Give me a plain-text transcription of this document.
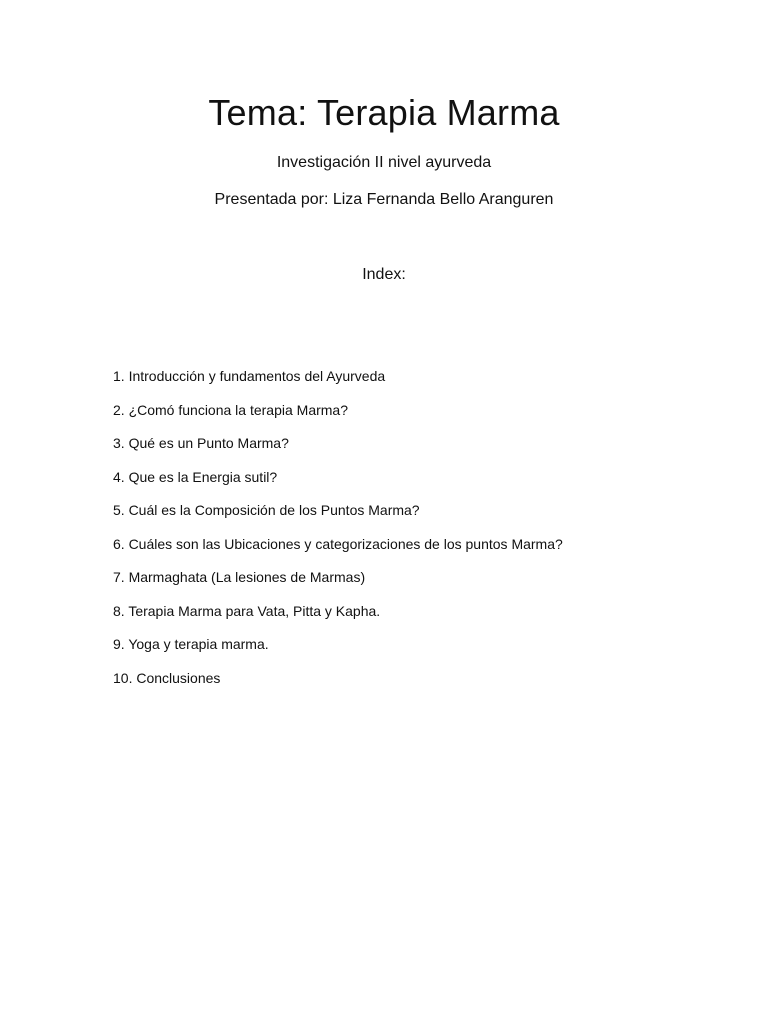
Tema: Terapia Marma

Investigación II nivel ayurveda

Presentada por: Liza Fernanda Bello Aranguren

Index:

1. Introducción y fundamentos del Ayurveda
2. ¿Comó funciona la terapia Marma?
3. Qué es un Punto Marma?
4. Que es la Energia sutil?
5. Cuál es la Composición de los Puntos Marma?
6. Cuáles son las Ubicaciones y categorizaciones de los puntos Marma?
7. Marmaghata (La lesiones de Marmas)
8. Terapia Marma para Vata, Pitta y Kapha.
9. Yoga y terapia marma.
10. Conclusiones
